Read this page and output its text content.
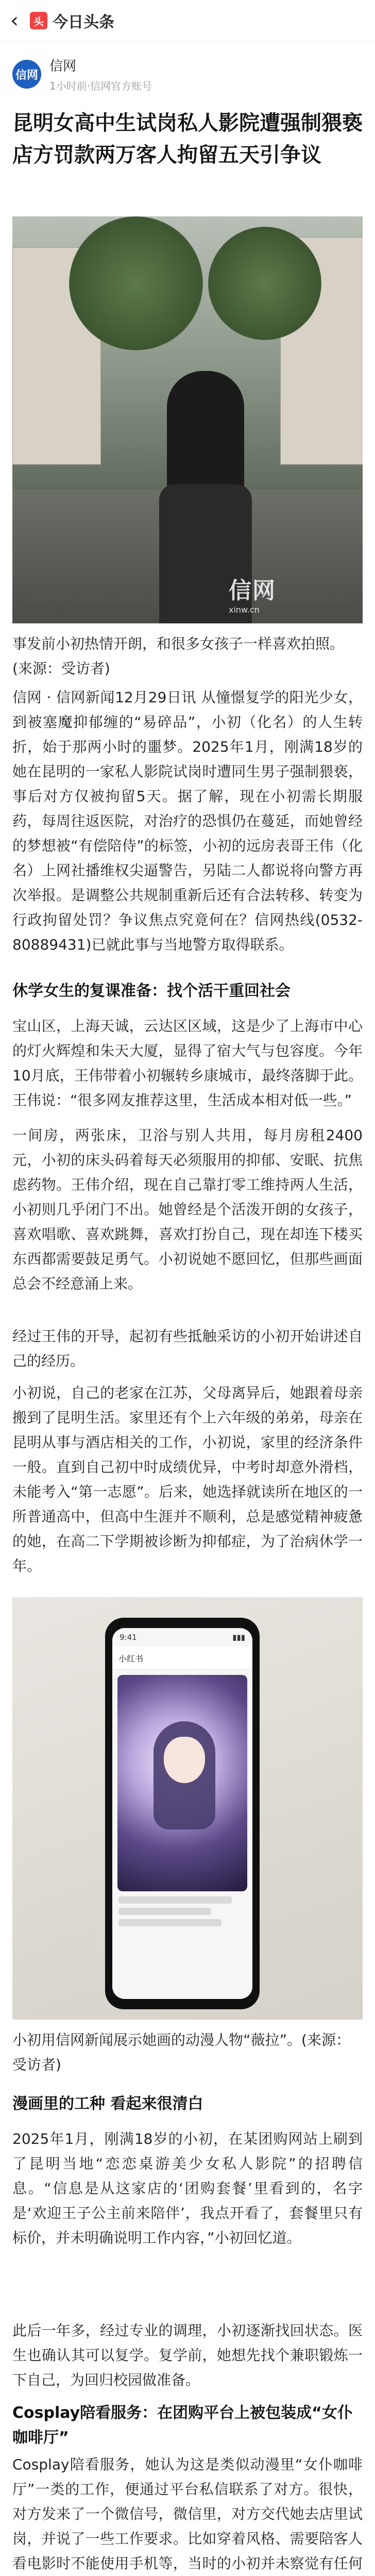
‹ 头 今日头条
信网
信网
1小时前·信网官方账号
昆明女高中生试岗私人影院遭强制猥亵 店方罚款两万客人拘留五天引争议
信网
xinw.cn

事发前小初热情开朗，和很多女孩子一样喜欢拍照。(来源：受访者)

信网 · 信网新闻12月29日讯 从憧憬复学的阳光少女，到被塞魔抑郁缠的“易碎品”，小初（化名）的人生转折，始于那两小时的噩梦。2025年1月，刚满18岁的她在昆明的一家私人影院试岗时遭同生男子强制猥亵，事后对方仅被拘留5天。据了解，现在小初需长期服药，每周往返医院，对治疗的恐惧仍在蔓延，而她曾经的梦想被“有偿陪侍”的标签，小初的远房表哥王伟（化名）上网社播维权尖逼警告，另陆二人都说将向警方再次举报。是调整公共规制重新后还有合法转移、转变为行政拘留处罚？争议焦点究竟何在？信网热线(0532-80889431)已就此事与当地警方取得联系。

休学女生的复课准备：找个活干重回社会

宝山区，上海天诚，云达区区域，这是少了上海市中心的灯火辉煌和朱天大厦，显得了宿大气与包容度。今年10月底，王伟带着小初辗转乡康城市，最终落脚于此。王伟说：“很多网友推荐这里，生活成本相对低一些。”

一间房，两张床，卫浴与别人共用，每月房租2400元，小初的床头码着每天必须服用的抑郁、安眠、抗焦虑药物。王伟介绍，现在自己靠打零工维持两人生活，小初则几乎闭门不出。她曾经是个活泼开朗的女孩子，喜欢唱歌、喜欢跳舞，喜欢打扮自己，现在却连下楼买东西都需要鼓足勇气。小初说她不愿回忆，但那些画面总会不经意涌上来。

经过王伟的开导，起初有些抵触采访的小初开始讲述自己的经历。

小初说，自己的老家在江苏，父母离异后，她跟着母亲搬到了昆明生活。家里还有个上六年级的弟弟，母亲在昆明从事与酒店相关的工作，小初说，家里的经济条件一般。直到自己初中时成绩优异，中考时却意外滑档，未能考入“第一志愿”。后来，她选择就读所在地区的一所普通高中，但高中生涯并不顺利，总是感觉精神疲惫的她，在高二下学期被诊断为抑郁症，为了治病休学一年。

9:41	▮▮▮
小红书

小初用信网新闻展示她画的动漫人物“薇拉”。(来源：受访者)

漫画里的工种 看起来很清白

2025年1月，刚满18岁的小初，在某团购网站上刷到了昆明当地“恋恋桌游美少女私人影院”的招聘信息。“信息是从这家店的‘团购套餐’里看到的，名字是‘欢迎王子公主前来陪伴’，我点开看了，套餐里只有标价，并未明确说明工作内容，”小初回忆道。

此后一年多，经过专业的调理，小初逐渐找回状态。医生也确认其可以复学。复学前，她想先找个兼职锻炼一下自己，为回归校园做准备。

Cosplay陪看服务：在团购平台上被包装成“女仆咖啡厅”

Cosplay陪看服务，她认为这是类似动漫里“女仆咖啡厅”一类的工作，便通过平台私信联系了对方。很快，对方发来了一个微信号，微信里，对方交代她去店里试岗，并说了一些工作要求。比如穿着风格、需要陪客人看电影时不能使用手机等，当时的小初并未察觉有任何
